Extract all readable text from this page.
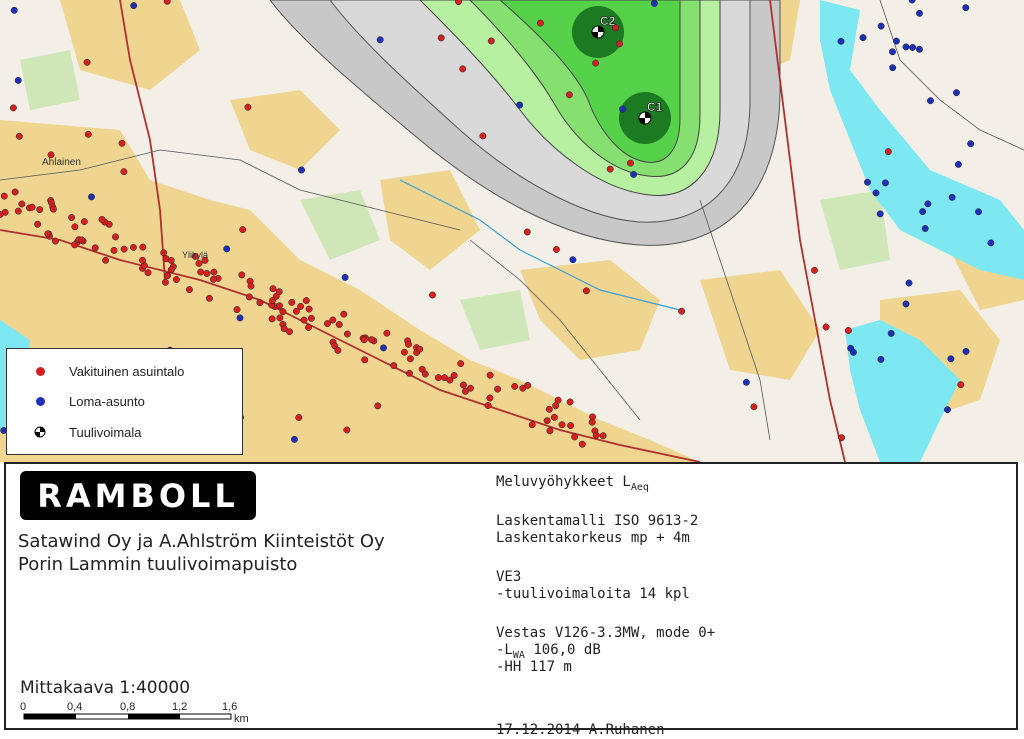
C2
C1
Ahlainen
Ylikylä
Vakituinen asuintalo
Loma-asunto
Tuulivoimala
RAMBOLL
Satawind Oy ja A.Ahlström Kiinteistöt Oy
Porin Lammin tuulivoimapuisto
Mittakaava 1:40000
0	0,4	0,8	1,2	1,6
km
Meluvyöhykkeet $L_{Aeq}$
Laskentamalli ISO 9613-2
Laskentakorkeus mp + 4m
VE3
-tuulivoimaloita 14 kpl
Vestas V126-3.3MW, mode 0+
$-L_{WA}$ 106,0 dB
-HH 117 m
17.12.2014 A.Ruhanen
